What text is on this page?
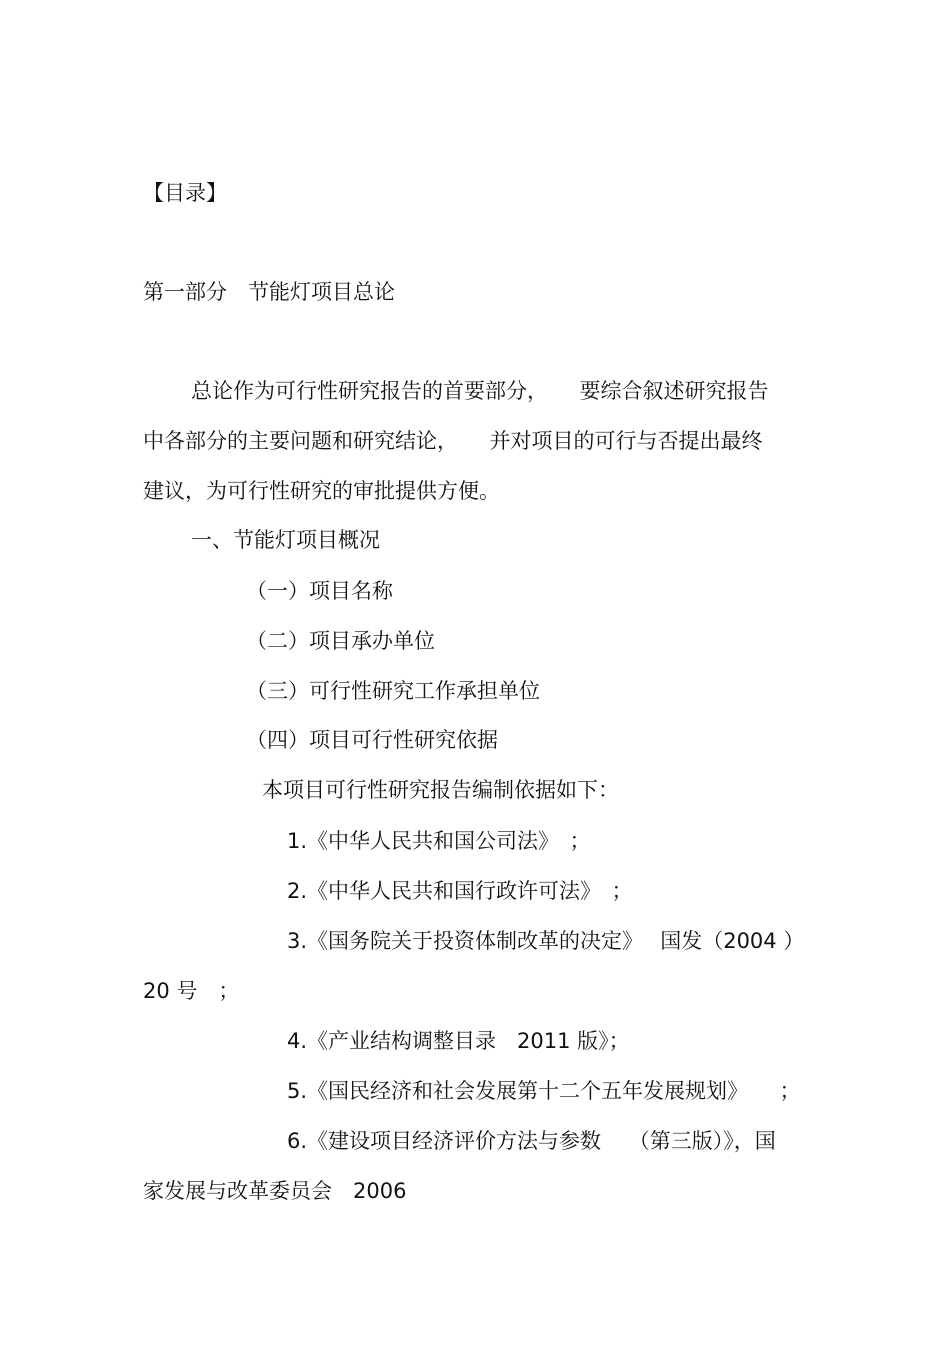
【目录】

第一部分　节能灯项目总论

总论作为可行性研究报告的首要部分，　　要综合叙述研究报告

中各部分的主要问题和研究结论，　　并对项目的可行与否提出最终

建议，为可行性研究的审批提供方便。

一、节能灯项目概况

（一）项目名称

（二）项目承办单位

（三）可行性研究工作承担单位

（四）项目可行性研究依据

本项目可行性研究报告编制依据如下：

1.《中华人民共和国公司法》　；

2.《中华人民共和国行政许可法》　；

3.《国务院关于投资体制改革的决定》　 国发（2004 ）

20 号　；

4.《产业结构调整目录　2011 版》；

5.《国民经济和社会发展第十二个五年发展规划》　　；

6.《建设项目经济评价方法与参数　 （第三版）》，国

家发展与改革委员会　2006
